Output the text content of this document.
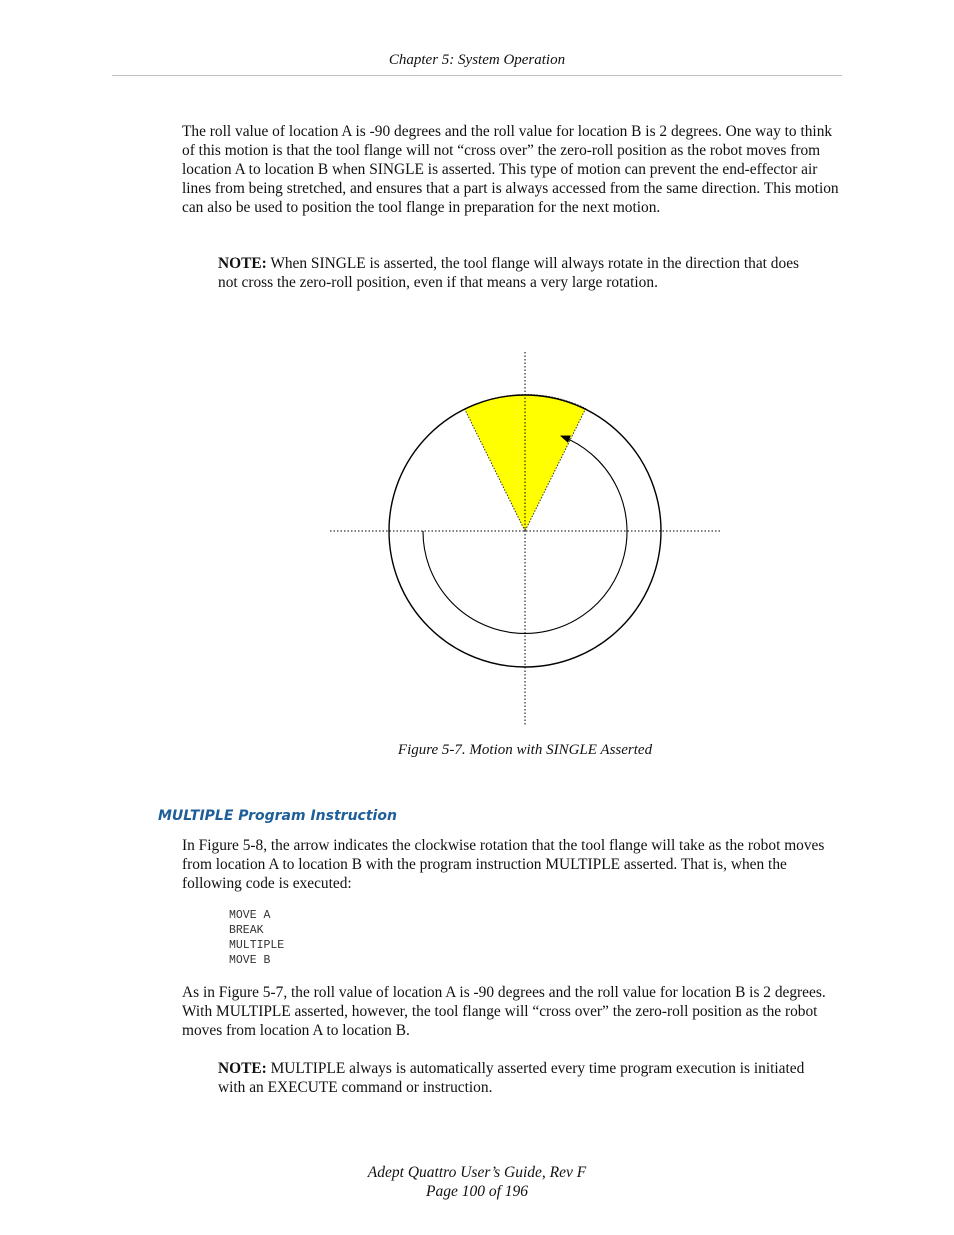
Chapter 5: System Operation

The roll value of location A is -90 degrees and the roll value for location B is 2 degrees. One way to think of this motion is that the tool flange will not “cross over” the zero-roll position as the robot moves from location A to location B when SINGLE is asserted. This type of motion can prevent the end-effector air lines from being stretched, and ensures that a part is always accessed from the same direction. This motion can also be used to position the tool flange in preparation for the next motion.

NOTE: When SINGLE is asserted, the tool flange will always rotate in the direction that does not cross the zero-roll position, even if that means a very large rotation.

Figure 5-7. Motion with SINGLE Asserted
MULTIPLE Program Instruction

In Figure 5-8, the arrow indicates the clockwise rotation that the tool flange will take as the robot moves from location A to location B with the program instruction MULTIPLE asserted. That is, when the following code is executed:

MOVE A
BREAK
MULTIPLE
MOVE B

As in Figure 5-7, the roll value of location A is -90 degrees and the roll value for location B is 2 degrees. With MULTIPLE asserted, however, the tool flange will “cross over” the zero-roll position as the robot moves from location A to location B.

NOTE: MULTIPLE always is automatically asserted every time program execution is initiated with an EXECUTE command or instruction.

Adept Quattro User’s Guide, Rev F
Page 100 of 196
